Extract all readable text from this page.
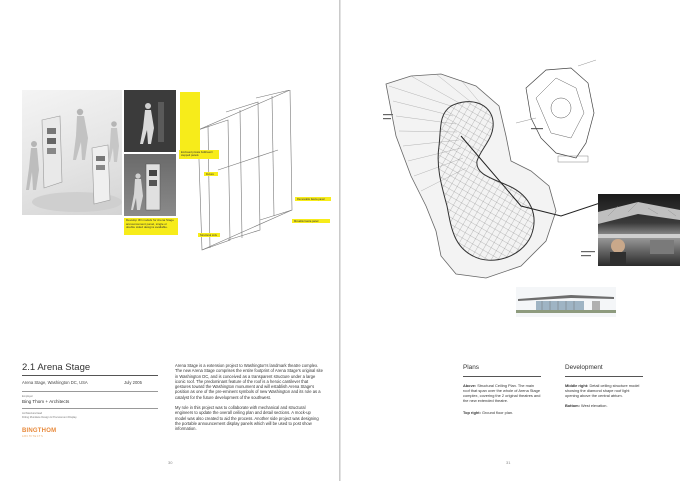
Enclosed private bulkhead / stepped panels
Fixture
Removable fascia panel
Movable fascia panel
Structural rods
Develop 3D models for Arena Stage announcement panel, single or double sided designs available.
2.1 Arena Stage
Arena Stage, Washington DC, USA	July 2005
Employer
Bing Thom + Architects
Architectural lead
Fitting Mundane Design & Procurement Display
BINGTHOM
ARCHITECTS

Arena Stage is a extension project to Washington's landmark theatre complex. The new Arena Stage comprises the entire footprint of Arena Stage's original site in Washington DC, and is conceived as a transparent structure under a large iconic roof. The predominant feature of the roof is a heroic cantilever that gestures toward the Washington monument and will establish Arena Stage's position as one of the pre-eminent symbols of new Washington and its role as a catalyst for the future development of the southwest.

My role in this project was to collaborate with mechanical and structural engineers to update the overall ceiling plan and detail sections. A mock-up model was also created to aid the process. Another side project was designing the portable announcement display panels which will be used to post show information.

30
Plans
Above: Structural Ceiling Plan. The main roof that span over the whole of Arena Stage complex, covering the 2 original theatres and the new extended theatre.
Top right: Ground floor plan.
Development
Middle right: Detail ceiling structure model showing the diamond shape roof light opening above the central atrium.
Bottom: West elevation.
31
